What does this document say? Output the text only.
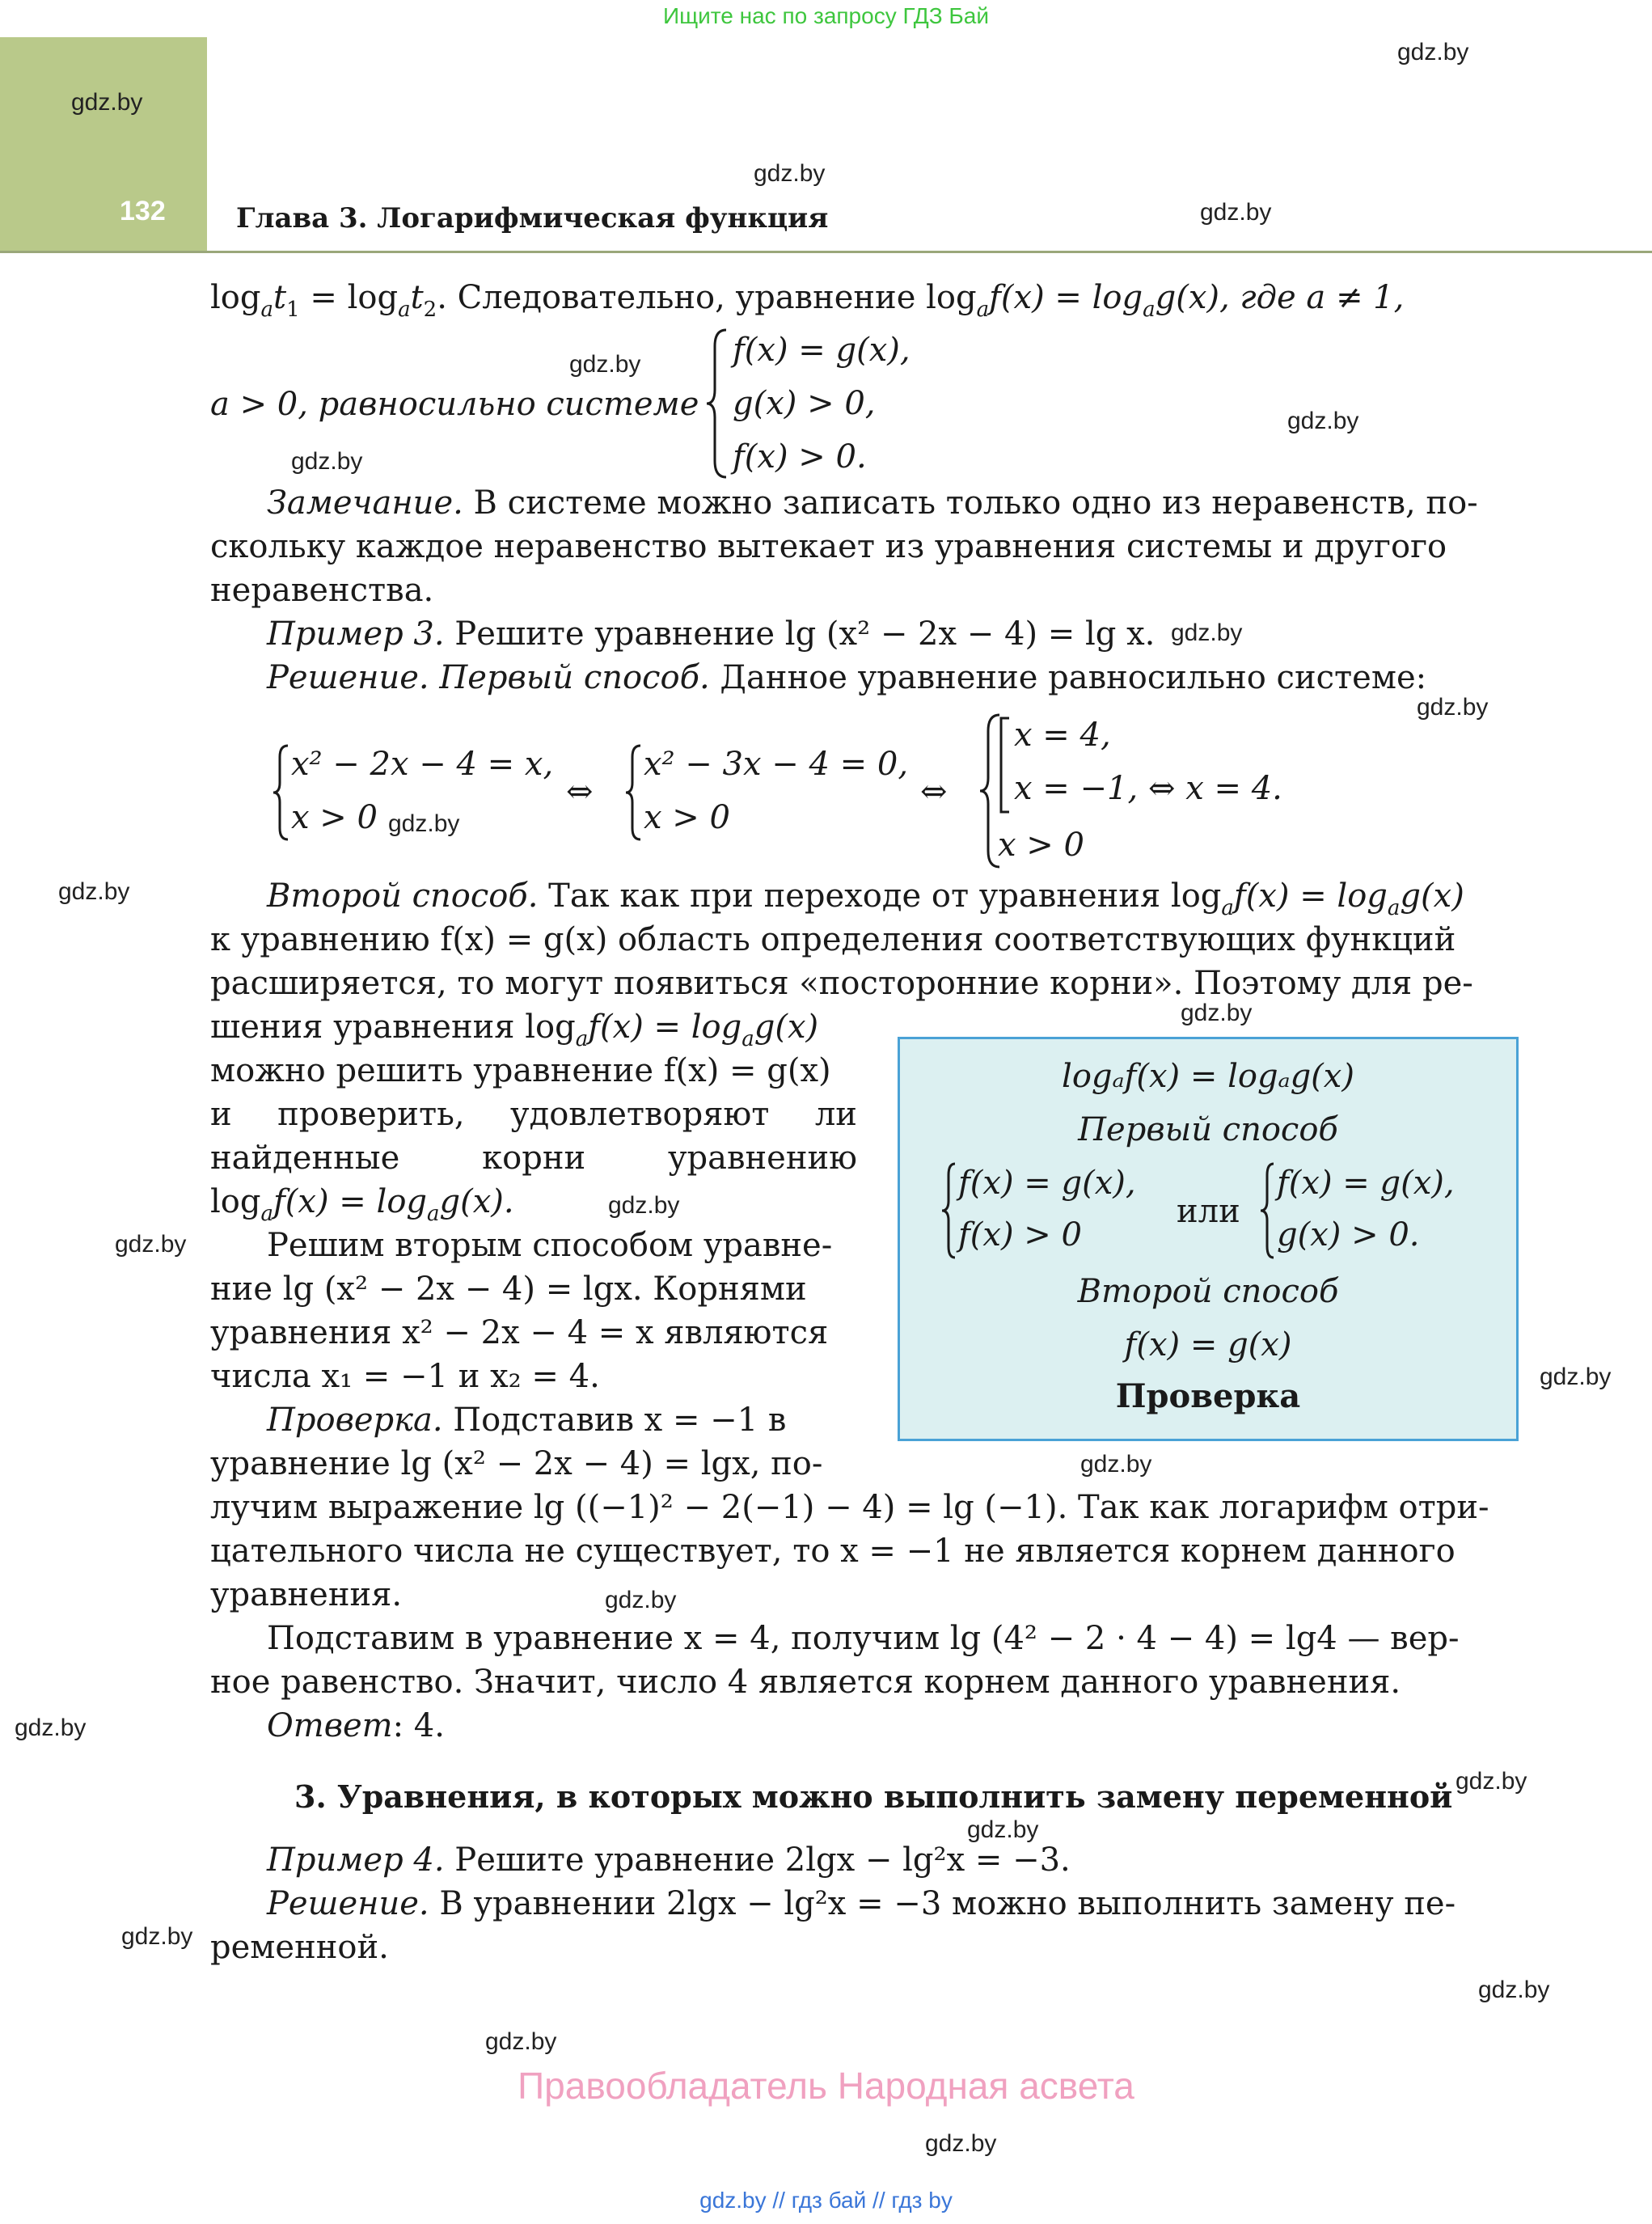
Ищите нас по запросу ГДЗ Бай
132	Глава 3. Логарифмическая функция
gdz.by
gdz.by
gdz.by
gdz.by
gdz.by
gdz.by
gdz.by
gdz.by
gdz.by
gdz.by
gdz.by
gdz.by
gdz.by
gdz.by
gdz.by
gdz.by
gdz.by
gdz.by
gdz.by
gdz.by
gdz.by
gdz.by
gdz.by
gdz.by
$\log_at_1 = \log_at_2$. Следовательно, уравнение $\log_af(x) = \log_ag(x)$, где a ≠ 1,
a > 0, равносильно системе
f(x) = g(x),
g(x) > 0,
f(x) > 0.
Замечание. В системе можно записать только одно из неравенств, по-
скольку каждое неравенство вытекает из уравнения системы и другого
неравенства.
Пример 3. Решите уравнение lg (x² − 2x − 4) = lg x.
Решение. Первый способ. Данное уравнение равносильно системе:
x² − 2x − 4 = x,
x > 0
⇔
x² − 3x − 4 = 0,
x > 0
⇔
x = 4,
x = −1,
x > 0
⇔ x = 4.
Второй способ. Так как при переходе от уравнения $\log_af(x) = \log_ag(x)$
к уравнению f(x) = g(x) область определения соответствующих функций
расширяется, то могут появиться «посторонние корни». Поэтому для ре-
шения уравнения $\log_af(x) = \log_ag(x)$
можно решить уравнение f(x) = g(x)
и проверить, удовлетворяют ли
найденные	корни	уравнению
$\log_af(x) = \log_ag(x)$.
Решим вторым способом уравне-
ние lg (x² − 2x − 4) = lgx. Корнями
уравнения x² − 2x − 4 = x являются
числа x₁ = −1 и x₂ = 4.
Проверка. Подставив x = −1 в
уравнение lg (x² − 2x − 4) = lgx, по-
лучим выражение lg ((−1)² − 2(−1) − 4) = lg (−1). Так как логарифм отри-
цательного числа не существует, то x = −1 не является корнем данного
уравнения.
Подставим в уравнение x = 4, получим lg (4² − 2 · 4 − 4) = lg4 — вер-
ное равенство. Значит, число 4 является корнем данного уравнения.
Ответ: 4.
3. Уравнения, в которых можно выполнить замену переменной
Пример 4. Решите уравнение 2lgx − lg²x = −3.
Решение. В уравнении 2lgx − lg²x = −3 можно выполнить замену пе-
ременной.
logₐf(x) = logₐg(x)
Первый способ
f(x) = g(x),
f(x) > 0
или
f(x) = g(x),
g(x) > 0.
Второй способ
f(x) = g(x)
Проверка
Правообладатель Народная асвета
gdz.by // гдз бай // гдз by
